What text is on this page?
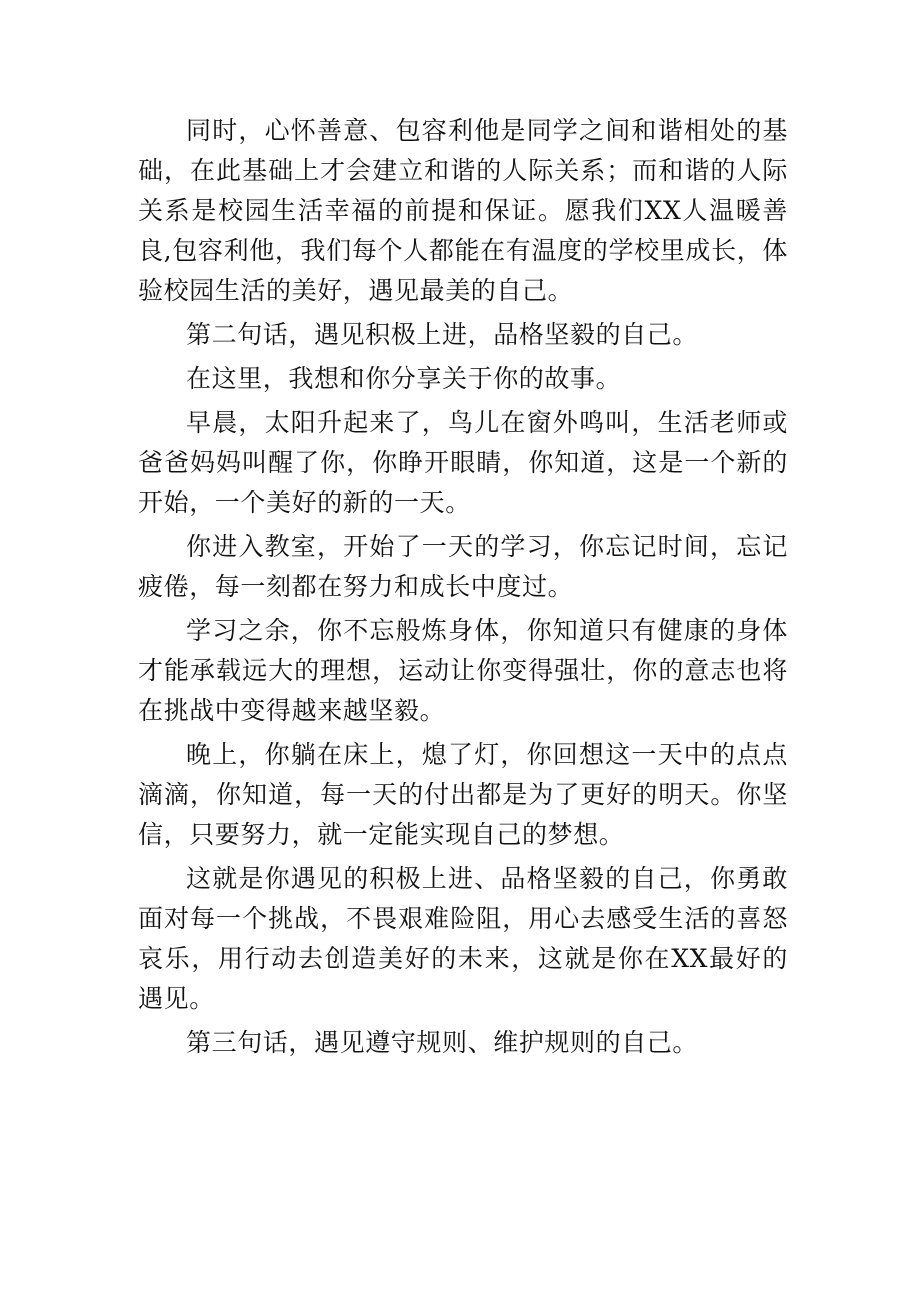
同时，心怀善意、包容利他是同学之间和谐相处的基础，在此基础上才会建立和谐的人际关系；而和谐的人际关系是校园生活幸福的前提和保证。愿我们XX人温暖善良,包容利他，我们每个人都能在有温度的学校里成长，体验校园生活的美好，遇见最美的自己。

第二句话，遇见积极上进，品格坚毅的自己。

在这里，我想和你分享关于你的故事。

早晨，太阳升起来了，鸟儿在窗外鸣叫，生活老师或爸爸妈妈叫醒了你，你睁开眼睛，你知道，这是一个新的开始，一个美好的新的一天。

你进入教室，开始了一天的学习，你忘记时间，忘记疲倦，每一刻都在努力和成长中度过。

学习之余，你不忘般炼身体，你知道只有健康的身体才能承载远大的理想，运动让你变得强壮，你的意志也将在挑战中变得越来越坚毅。

晚上，你躺在床上，熄了灯，你回想这一天中的点点滴滴，你知道，每一天的付出都是为了更好的明天。你坚信，只要努力，就一定能实现自己的梦想。

这就是你遇见的积极上进、品格坚毅的自己，你勇敢面对每一个挑战，不畏艰难险阻，用心去感受生活的喜怒哀乐，用行动去创造美好的未来，这就是你在XX最好的遇见。

第三句话，遇见遵守规则、维护规则的自己。
